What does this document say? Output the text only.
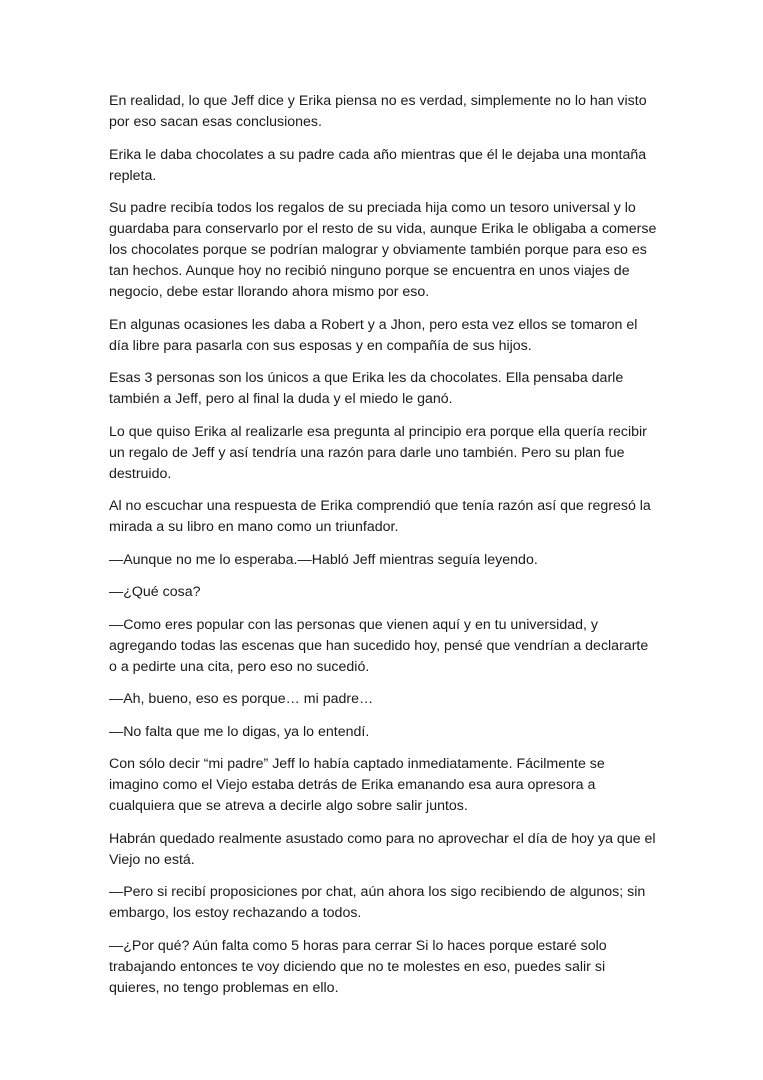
En realidad, lo que Jeff dice y Erika piensa no es verdad, simplemente no lo han visto por eso sacan esas conclusiones.

Erika le daba chocolates a su padre cada año mientras que él le dejaba una montaña repleta.

Su padre recibía todos los regalos de su preciada hija como un tesoro universal y lo guardaba para conservarlo por el resto de su vida, aunque Erika le obligaba a comerse los chocolates porque se podrían malograr y obviamente también porque para eso es tan hechos. Aunque hoy no recibió ninguno porque se encuentra en unos viajes de negocio, debe estar llorando ahora mismo por eso.

En algunas ocasiones les daba a Robert y a Jhon, pero esta vez ellos se tomaron el día libre para pasarla con sus esposas y en compañía de sus hijos.

Esas 3 personas son los únicos a que Erika les da chocolates. Ella pensaba darle también a Jeff, pero al final la duda y el miedo le ganó.

Lo que quiso Erika al realizarle esa pregunta al principio era porque ella quería recibir un regalo de Jeff y así tendría una razón para darle uno también. Pero su plan fue destruido.

Al no escuchar una respuesta de Erika comprendió que tenía razón así que regresó la mirada a su libro en mano como un triunfador.

—Aunque no me lo esperaba.—Habló Jeff mientras seguía leyendo.

—¿Qué cosa?

—Como eres popular con las personas que vienen aquí y en tu universidad, y agregando todas las escenas que han sucedido hoy, pensé que vendrían a declararte o a pedirte una cita, pero eso no sucedió.

—Ah, bueno, eso es porque… mi padre…

—No falta que me lo digas, ya lo entendí.

Con sólo decir “mi padre” Jeff lo había captado inmediatamente. Fácilmente se imagino como el Viejo estaba detrás de Erika emanando esa aura opresora a cualquiera que se atreva a decirle algo sobre salir juntos.

Habrán quedado realmente asustado como para no aprovechar el día de hoy ya que el Viejo no está.

—Pero si recibí proposiciones por chat, aún ahora los sigo recibiendo de algunos; sin embargo, los estoy rechazando a todos.

—¿Por qué? Aún falta como 5 horas para cerrar Si lo haces porque estaré solo trabajando entonces te voy diciendo que no te molestes en eso, puedes salir si quieres, no tengo problemas en ello.
